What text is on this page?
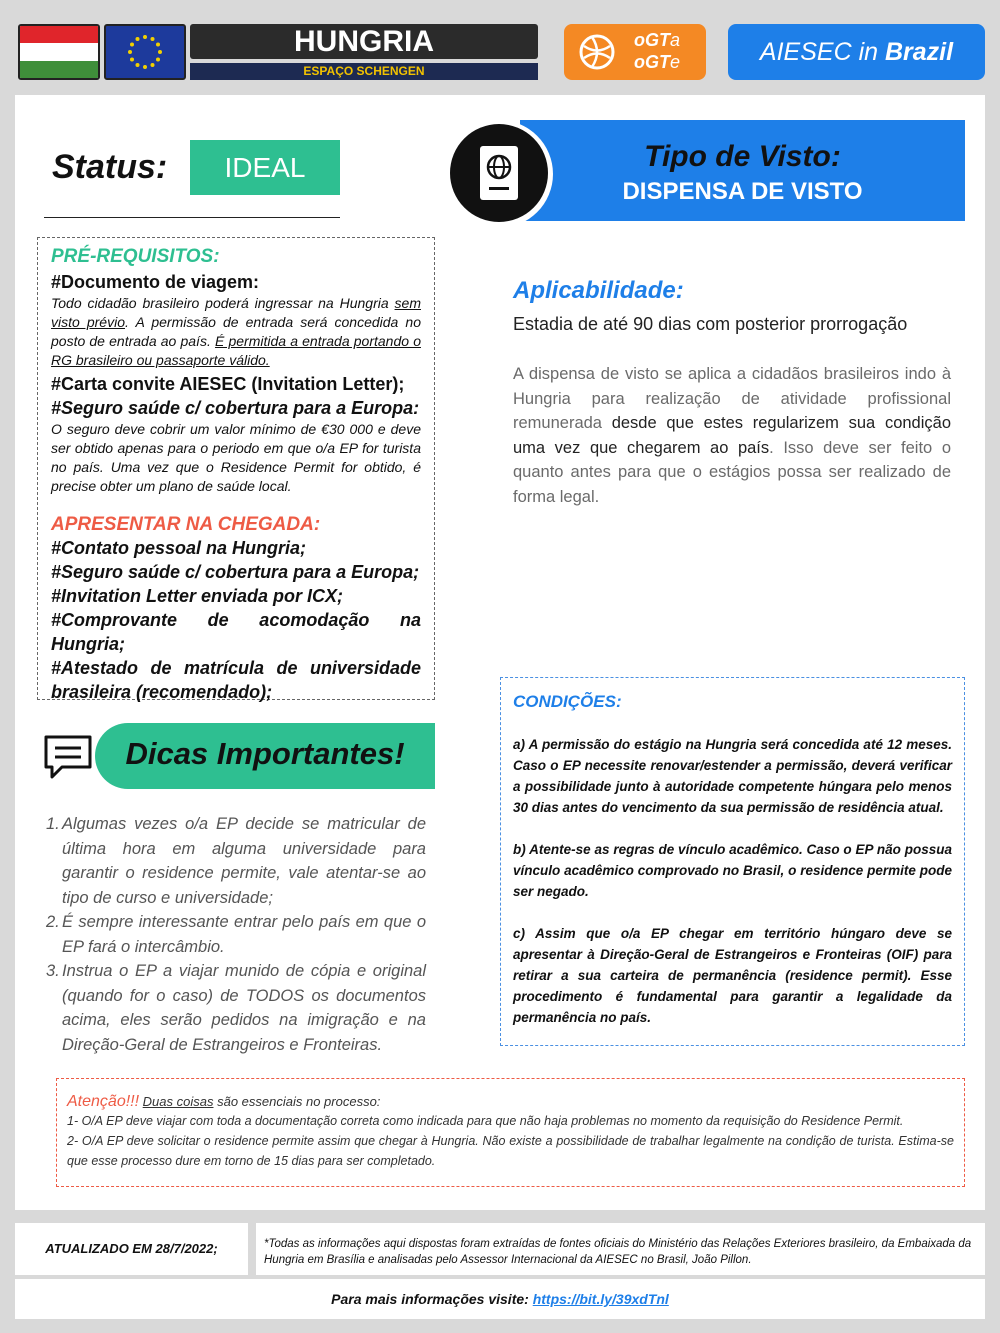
HUNGRIA
ESPAÇO SCHENGEN
oGTa
oGTe	AIESEC in Brazil
Status:	IDEAL	Tipo de Visto:
DISPENSA DE VISTO
PRÉ-REQUISITOS:
#Documento de viagem:
Todo cidadão brasileiro poderá ingressar na Hungria sem visto prévio. A permissão de entrada será concedida no posto de entrada ao país. É permitida a entrada portando o RG brasileiro ou passaporte válido.
#Carta convite AIESEC (Invitation Letter);
#Seguro saúde c/ cobertura para a Europa:
O seguro deve cobrir um valor mínimo de €30 000 e deve ser obtido apenas para o periodo em que o/a EP for turista no país. Uma vez que o Residence Permit for obtido, é precise obter um plano de saúde local.
APRESENTAR NA CHEGADA:
#Contato pessoal na Hungria;
#Seguro saúde c/ cobertura para a Europa;
#Invitation Letter enviada por ICX;
#Comprovante de acomodação na Hungria;
#Atestado de matrícula de universidade brasileira (recomendado);
Aplicabilidade:
Estadia de até 90 dias com posterior prorrogação
A dispensa de visto se aplica a cidadãos brasileiros indo à Hungria para realização de atividade profissional remunerada desde que estes regularizem sua condição uma vez que chegarem ao país. Isso deve ser feito o quanto antes para que o estágios possa ser realizado de forma legal.
CONDIÇÕES:

a) A permissão do estágio na Hungria será concedida até 12 meses. Caso o EP necessite renovar/estender a permissão, deverá verificar a possibilidade junto à autoridade competente húngara pelo menos 30 dias antes do vencimento da sua permissão de residência atual.

b) Atente-se as regras de vínculo acadêmico. Caso o EP não possua vínculo acadêmico comprovado no Brasil, o residence permite pode ser negado.

c) Assim que o/a EP chegar em território húngaro deve se apresentar à Direção-Geral de Estrangeiros e Fronteiras (OIF) para retirar a sua carteira de permanência (residence permit). Esse procedimento é fundamental para garantir a legalidade da permanência no país.

Dicas Importantes!
1. Algumas vezes o/a EP decide se matricular de última hora em alguma universidade para garantir o residence permite, vale atentar-se ao tipo de curso e universidade;
2. É sempre interessante entrar pelo país em que o EP fará o intercâmbio.
3. Instrua o EP a viajar munido de cópia e original (quando for o caso) de TODOS os documentos acima, eles serão pedidos na imigração e na Direção-Geral de Estrangeiros e Fronteiras.
Atenção!!! Duas coisas são essenciais no processo:

1- O/A EP deve viajar com toda a documentação correta como indicada para que não haja problemas no momento da requisição do Residence Permit.

2- O/A EP deve solicitar o residence permite assim que chegar à Hungria. Não existe a possibilidade de trabalhar legalmente na condição de turista. Estima-se que esse processo dure em torno de 15 dias para ser completado.

ATUALIZADO EM 28/7/2022;	*Todas as informações aqui dispostas foram extraídas de fontes oficiais do Ministério das Relações Exteriores brasileiro, da Embaixada da Hungria em Brasília e analisadas pelo Assessor Internacional da AIESEC no Brasil, João Pillon.
Para mais informações visite: https://bit.ly/39xdTnl
